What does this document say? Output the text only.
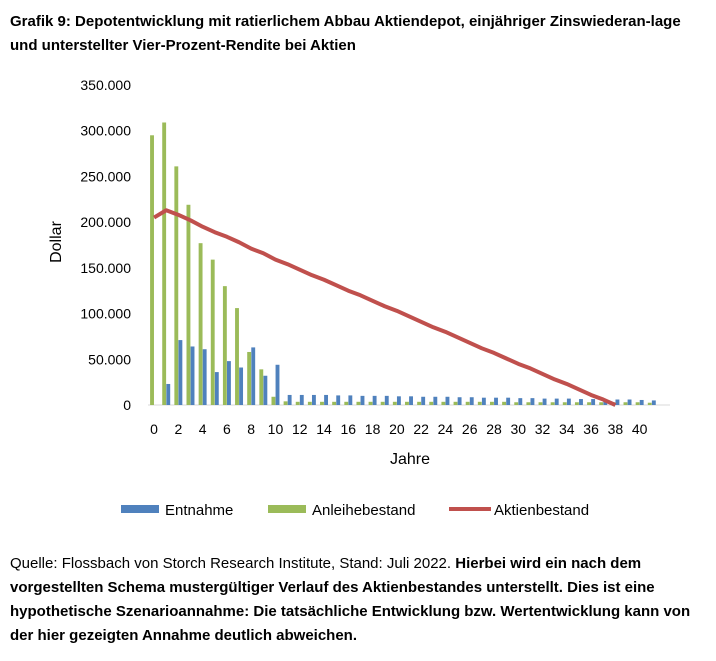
Grafik 9: Depotentwicklung mit ratierlichem Abbau Aktiendepot, einjähriger Zinswiederan-lage und unterstellter Vier-Prozent-Rendite bei Aktien
0
50.000
100.000
150.000
200.000
250.000
300.000
350.000
0 2 4 6 8 10 12 14 16 18 20 22 24 26 28 30 32 34 36 38 40
Dollar
Jahre
Entnahme	Anleihebestand	Aktienbestand
Quelle: Flossbach von Storch Research Institute, Stand: Juli 2022. Hierbei wird ein nach dem vorgestellten Schema mustergültiger Verlauf des Aktienbestandes unterstellt. Dies ist eine hypothetische Szenarioannahme: Die tatsächliche Entwicklung bzw. Wertentwicklung kann von der hier gezeigten Annahme deutlich abweichen.
